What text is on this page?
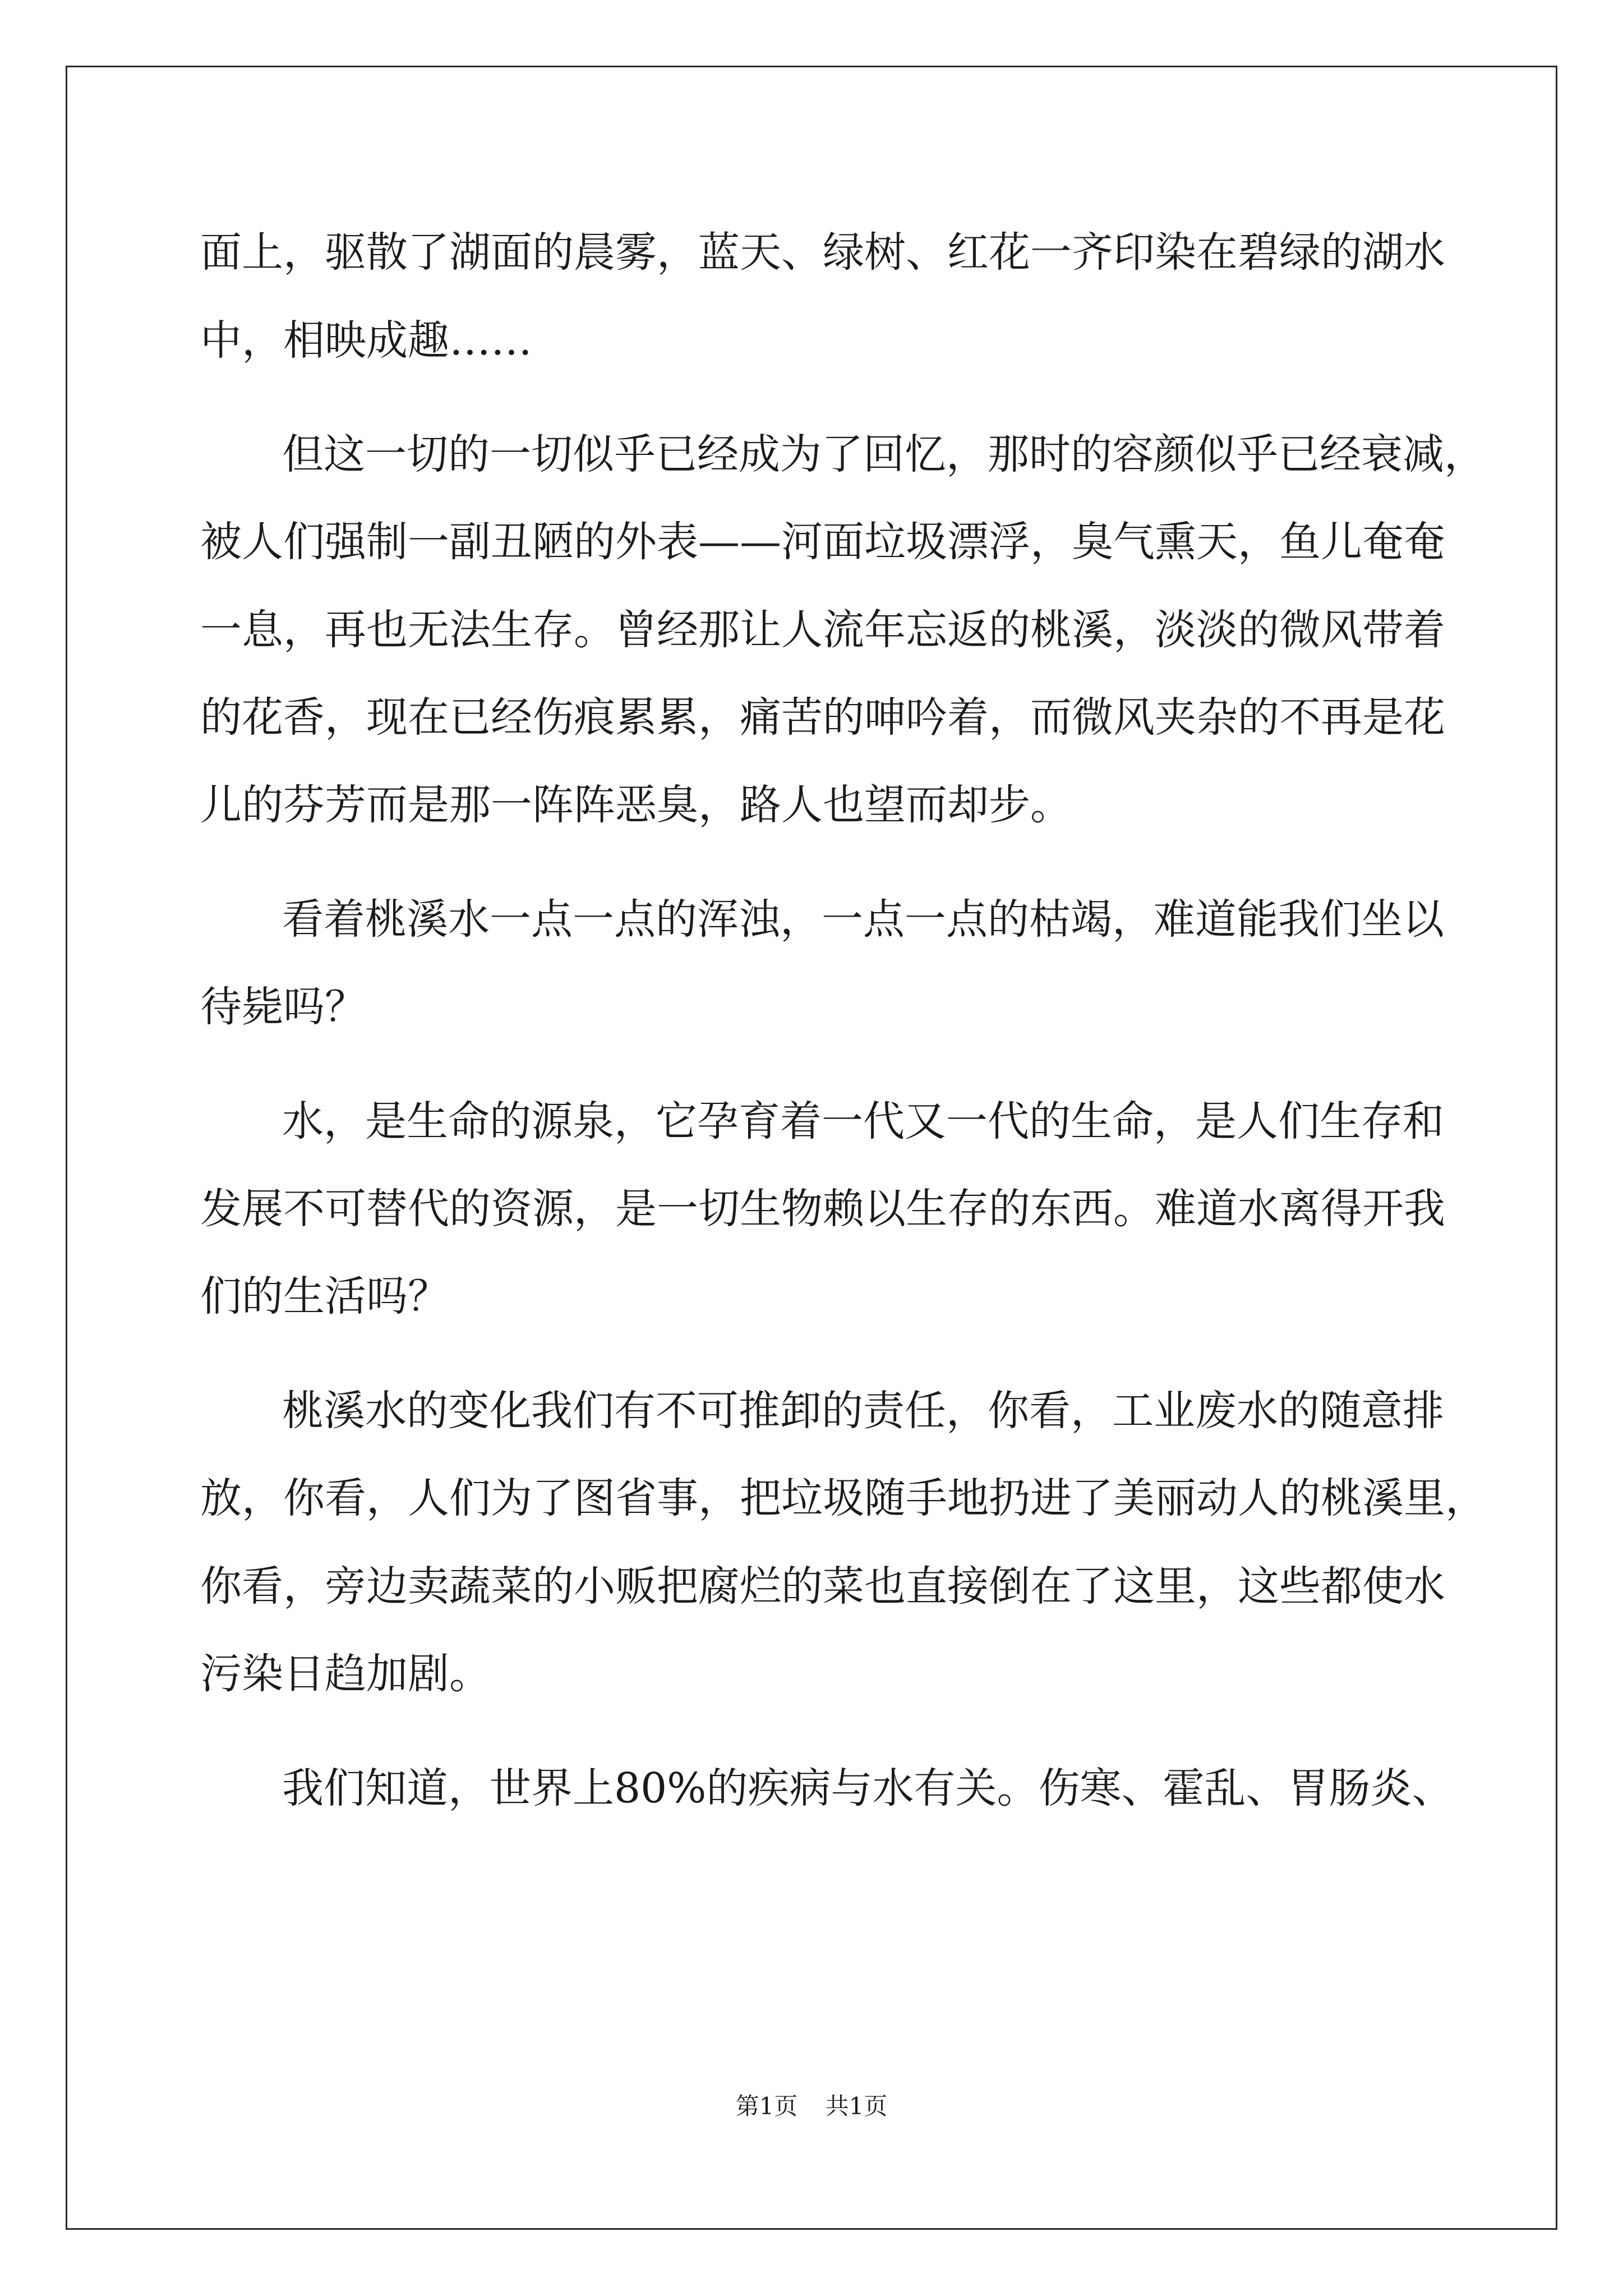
面上，驱散了湖面的晨雾，蓝天、绿树、红花一齐印染在碧绿的湖水
中，相映成趣……
但这一切的一切似乎已经成为了回忆，那时的容颜似乎已经衰减，
被人们强制一副丑陋的外表——河面垃圾漂浮，臭气熏天，鱼儿奄奄
一息，再也无法生存。曾经那让人流年忘返的桃溪，淡淡的微风带着
的花香，现在已经伤痕累累，痛苦的呻吟着，而微风夹杂的不再是花
儿的芬芳而是那一阵阵恶臭，路人也望而却步。
看着桃溪水一点一点的浑浊，一点一点的枯竭，难道能我们坐以
待毙吗？
水，是生命的源泉，它孕育着一代又一代的生命，是人们生存和
发展不可替代的资源，是一切生物赖以生存的东西。难道水离得开我
们的生活吗？
桃溪水的变化我们有不可推卸的责任，你看，工业废水的随意排
放，你看，人们为了图省事，把垃圾随手地扔进了美丽动人的桃溪里，
你看，旁边卖蔬菜的小贩把腐烂的菜也直接倒在了这里，这些都使水
污染日趋加剧。
我们知道，世界上80%的疾病与水有关。伤寒、霍乱、胃肠炎、
第1页 共1页
